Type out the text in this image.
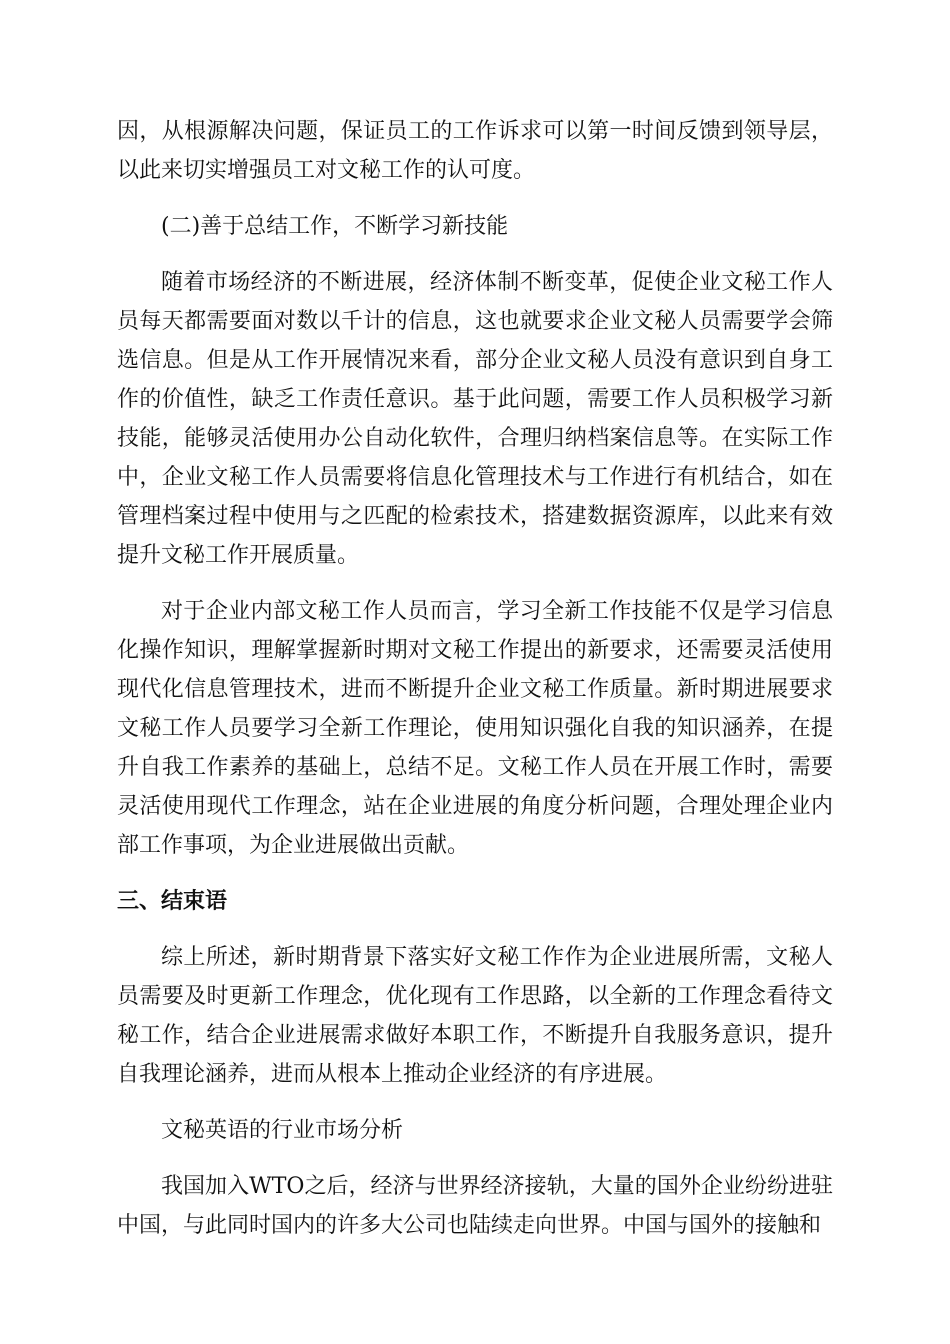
因，从根源解决问题，保证员工的工作诉求可以第一时间反馈到领导层，以此来切实增强员工对文秘工作的认可度。

(二)善于总结工作，不断学习新技能

随着市场经济的不断进展，经济体制不断变革，促使企业文秘工作人员每天都需要面对数以千计的信息，这也就要求企业文秘人员需要学会筛选信息。但是从工作开展情况来看，部分企业文秘人员没有意识到自身工作的价值性，缺乏工作责任意识。基于此问题，需要工作人员积极学习新技能，能够灵活使用办公自动化软件，合理归纳档案信息等。在实际工作中，企业文秘工作人员需要将信息化管理技术与工作进行有机结合，如在管理档案过程中使用与之匹配的检索技术，搭建数据资源库，以此来有效提升文秘工作开展质量。

对于企业内部文秘工作人员而言，学习全新工作技能不仅是学习信息化操作知识，理解掌握新时期对文秘工作提出的新要求，还需要灵活使用现代化信息管理技术，进而不断提升企业文秘工作质量。新时期进展要求文秘工作人员要学习全新工作理论，使用知识强化自我的知识涵养，在提升自我工作素养的基础上，总结不足。文秘工作人员在开展工作时，需要灵活使用现代工作理念，站在企业进展的角度分析问题，合理处理企业内部工作事项，为企业进展做出贡献。

三、结束语

综上所述，新时期背景下落实好文秘工作作为企业进展所需，文秘人员需要及时更新工作理念，优化现有工作思路，以全新的工作理念看待文秘工作，结合企业进展需求做好本职工作，不断提升自我服务意识，提升自我理论涵养，进而从根本上推动企业经济的有序进展。

文秘英语的行业市场分析

我国加入WTO之后，经济与世界经济接轨，大量的国外企业纷纷进驻中国，与此同时国内的许多大公司也陆续走向世界。中国与国外的接触和
